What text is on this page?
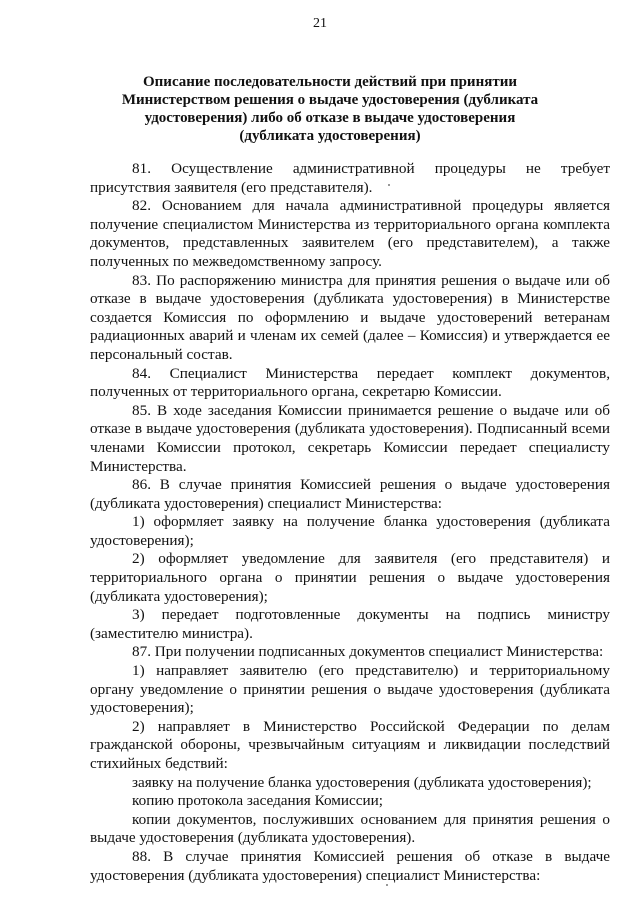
21
Описание последовательности действий при принятии
Министерством решения о выдаче удостоверения (дубликата
удостоверения) либо об отказе в выдаче удостоверения
(дубликата удостоверения)

81. Осуществление административной процедуры не требует присутствия заявителя (его представителя).

82. Основанием для начала административной процедуры является получение специалистом Министерства из территориального органа комплекта документов, представленных заявителем (его представителем), а также полученных по межведомственному запросу.

83. По распоряжению министра для принятия решения о выдаче или об отказе в выдаче удостоверения (дубликата удостоверения) в Министерстве создается Комиссия по оформлению и выдаче удостоверений ветеранам радиационных аварий и членам их семей (далее – Комиссия) и утверждается ее персональный состав.

84. Специалист Министерства передает комплект документов, полученных от территориального органа, секретарю Комиссии.

85. В ходе заседания Комиссии принимается решение о выдаче или об отказе в выдаче удостоверения (дубликата удостоверения). Подписанный всеми членами Комиссии протокол, секретарь Комиссии передает специалисту Министерства.

86. В случае принятия Комиссией решения о выдаче удостоверения (дубликата удостоверения) специалист Министерства:

1) оформляет заявку на получение бланка удостоверения (дубликата удостоверения);

2) оформляет уведомление для заявителя (его представителя) и территориального органа о принятии решения о выдаче удостоверения (дубликата удостоверения);

3) передает подготовленные документы на подпись министру (заместителю министра).

87. При получении подписанных документов специалист Министерства:

1) направляет заявителю (его представителю) и территориальному органу уведомление о принятии решения о выдаче удостоверения (дубликата удостоверения);

2) направляет в Министерство Российской Федерации по делам гражданской обороны, чрезвычайным ситуациям и ликвидации последствий стихийных бедствий:

заявку на получение бланка удостоверения (дубликата удостоверения);

копию протокола заседания Комиссии;

копии документов, послуживших основанием для принятия решения о выдаче удостоверения (дубликата удостоверения).

88. В случае принятия Комиссией решения об отказе в выдаче удостоверения (дубликата удостоверения) специалист Министерства:
